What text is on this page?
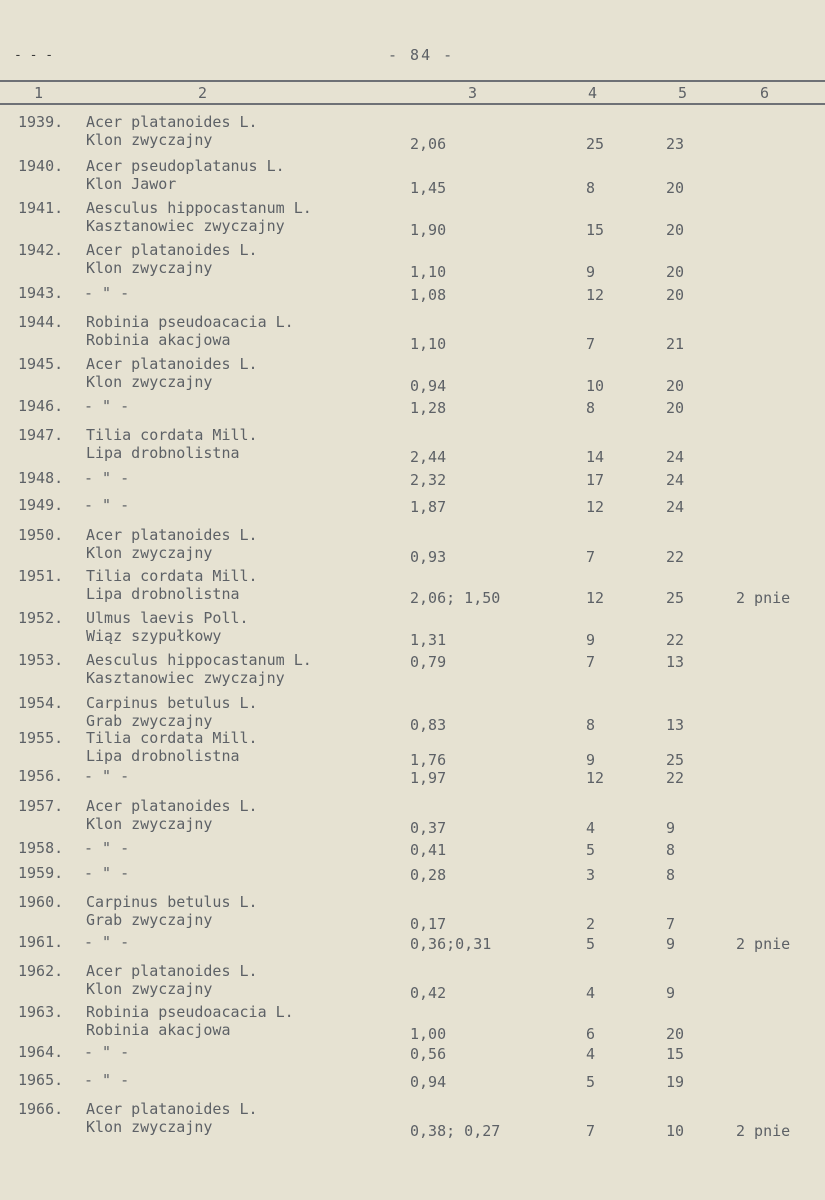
- - -	- 84 -
1	2	3	4	5	6
1939. Acer platanoides L.
Klon zwyczajny	2,06	25	23
1940. Acer pseudoplatanus L.
Klon Jawor	1,45	8	20
1941. Aesculus hippocastanum L.
Kasztanowiec zwyczajny	1,90	15	20
1942. Acer platanoides L.
Klon zwyczajny	1,10	9	20
1943. - " -	1,08	12	20
1944. Robinia pseudoacacia L.
Robinia akacjowa	1,10	7	21
1945. Acer platanoides L.
Klon zwyczajny	0,94	10	20
1946. - " -	1,28	8	20
1947. Tilia cordata Mill.
Lipa drobnolistna	2,44	14	24
1948. - " -	2,32	17	24
1949. - " -	1,87	12	24
1950. Acer platanoides L.
Klon zwyczajny	0,93	7	22
1951. Tilia cordata Mill.
Lipa drobnolistna	2,06; 1,50	12	25	2 pnie
1952. Ulmus laevis Poll.
Wiąz szypułkowy	1,31	9	22
1953. Aesculus hippocastanum L.
Kasztanowiec zwyczajny
0,79	7	13
1954. Carpinus betulus L.
Grab zwyczajny	0,83	8	13
1955. Tilia cordata Mill.
Lipa drobnolistna	1,76	9	25
1956. - " -	1,97	12	22
1957. Acer platanoides L.
Klon zwyczajny	0,37	4	9
1958. - " -	0,41	5	8
1959. - " -	0,28	3	8
1960. Carpinus betulus L.
Grab zwyczajny	0,17	2	7
1961. - " -	0,36;0,31	5	9	2 pnie
1962. Acer platanoides L.
Klon zwyczajny	0,42	4	9
1963. Robinia pseudoacacia L.
Robinia akacjowa	1,00	6	20
1964. - " -	0,56	4	15
1965. - " -	0,94	5	19
1966. Acer platanoides L.
Klon zwyczajny	0,38; 0,27	7	10	2 pnie
